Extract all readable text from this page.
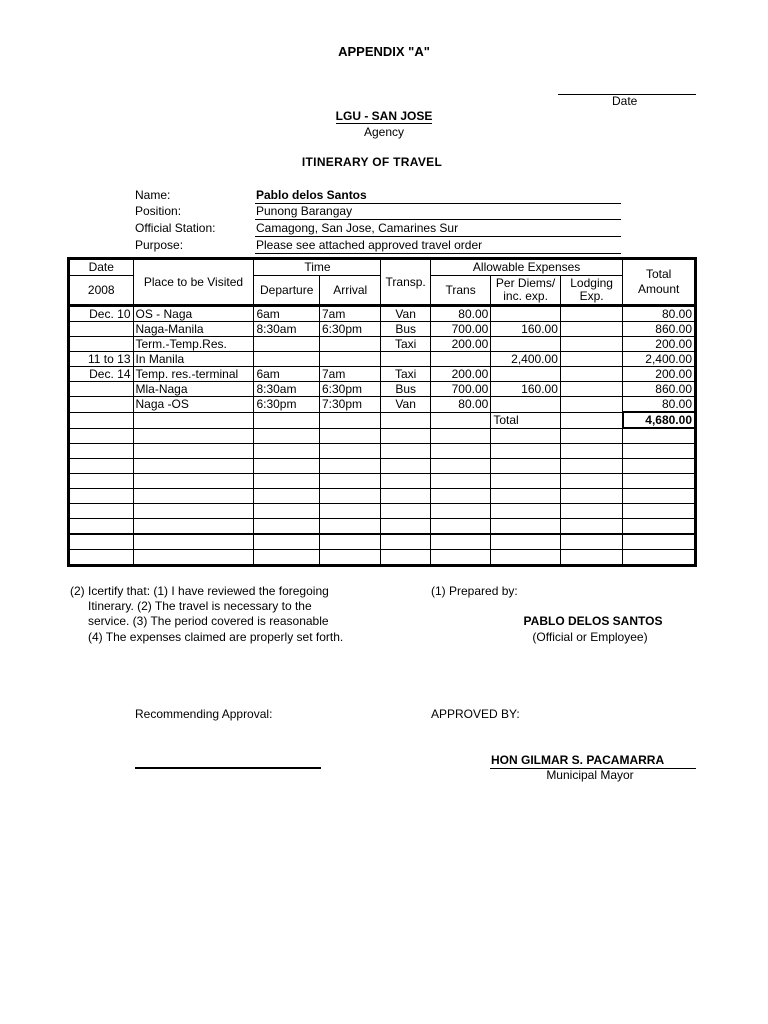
APPENDIX "A"
Date
LGU - SAN JOSE
Agency
ITINERARY OF TRAVEL
Name:	Pablo delos Santos
Position:	Punong Barangay
Official Station:	Camagong, San Jose, Camarines Sur
Purpose:	Please see attached approved travel order
Date	Place to be Visited	Time		Transp.	Allowable Expenses			Total Amount
2008		Departure	Arrival		Trans	Per Diems/ inc. exp.	Lodging Exp.	
Dec. 10	OS - Naga	6am	7am	Van	80.00			80.00
	Naga-Manila	8:30am	6:30pm	Bus	700.00	160.00		860.00
	Term.-Temp.Res.			Taxi	200.00			200.00
11 to 13	In Manila					2,400.00		2,400.00
Dec. 14	Temp. res.-terminal	6am	7am	Taxi	200.00			200.00
	Mla-Naga	8:30am	6:30pm	Bus	700.00	160.00		860.00
	Naga -OS	6:30pm	7:30pm	Van	80.00			80.00
						Total		4,680.00

(2) Icertify that: (1) I have reviewed the foregoing
Itinerary. (2) The travel is necessary to the
service. (3) The period covered is reasonable
(4) The expenses claimed are properly set forth.
(1) Prepared by:
PABLO DELOS SANTOS
(Official or Employee)
Recommending Approval:	APPROVED BY:
HON GILMAR S. PACAMARRA
Municipal Mayor
